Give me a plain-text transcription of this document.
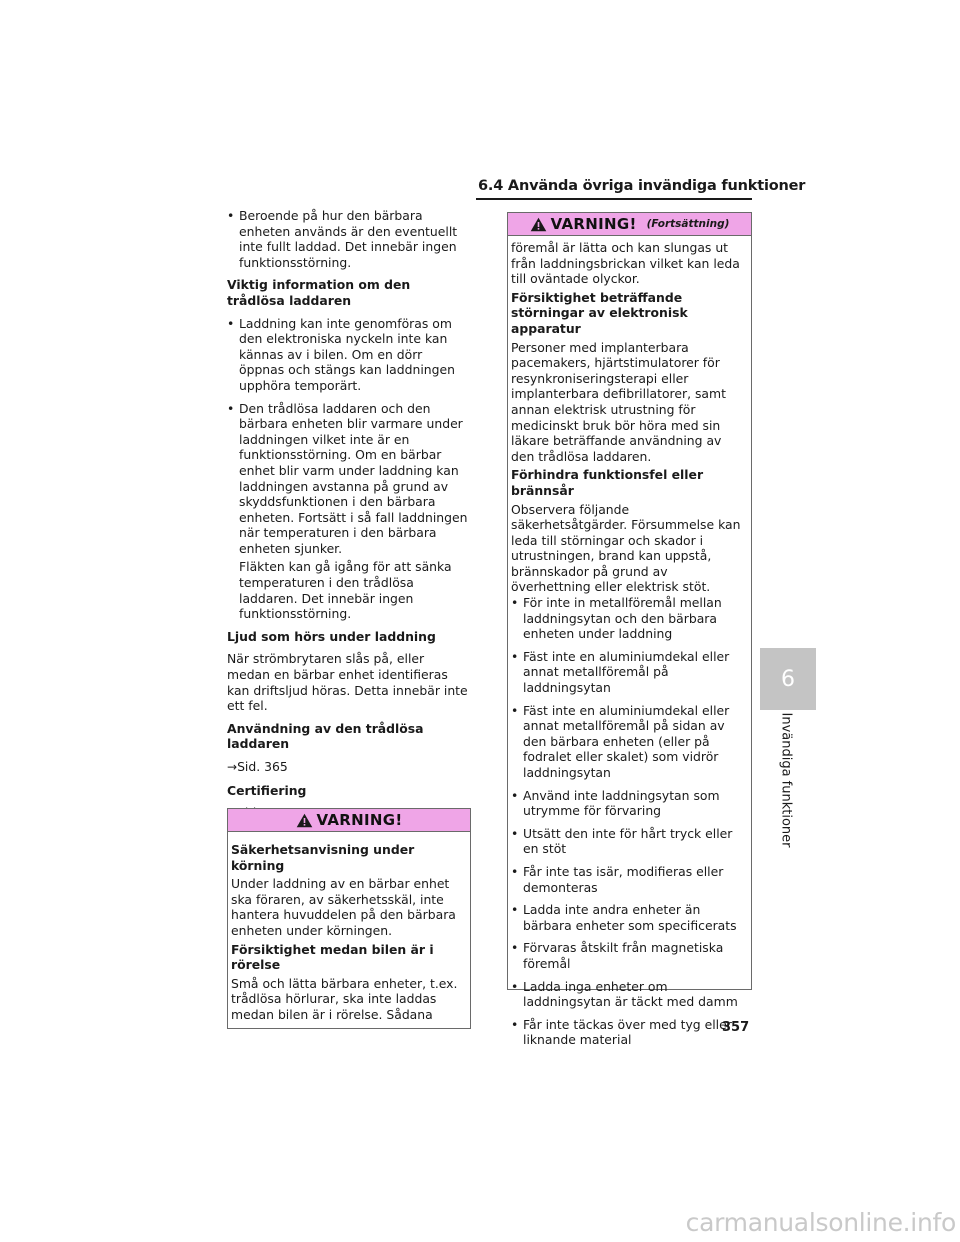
6.4 Använda övriga invändiga funktioner
• Beroende på hur den bärbara enheten används är den eventuellt inte fullt laddad. Det innebär ingen funktionsstörning.
Viktig information om den trådlösa laddaren
• Laddning kan inte genomföras om den elektroniska nyckeln inte kan kännas av i bilen. Om en dörr öppnas och stängs kan laddningen upphöra temporärt.
• Den trådlösa laddaren och den bärbara enheten blir varmare under laddningen vilket inte är en funktionsstörning. Om en bärbar enhet blir varm under laddning kan laddningen avstanna på grund av skyddsfunktionen i den bärbara enheten. Fortsätt i så fall laddningen när temperaturen i den bärbara enheten sjunker.
Fläkten kan gå igång för att sänka temperaturen i den trådlösa laddaren. Det innebär ingen funktionsstörning.
Ljud som hörs under laddning
När strömbrytaren slås på, eller medan en bärbar enhet identifieras kan driftsljud höras. Detta innebär inte ett fel.
Användning av den trådlösa laddaren
→Sid. 365
Certifiering
VARNING!
Säkerhetsanvisning under körning
Under laddning av en bärbar enhet ska föraren, av säkerhetsskäl, inte hantera huvuddelen på den bärbara enheten under körningen.
Försiktighet medan bilen är i rörelse
Små och lätta bärbara enheter, t.ex. trådlösa hörlurar, ska inte laddas medan bilen är i rörelse. Sådana
VARNING! (Fortsättning)
föremål är lätta och kan slungas ut från laddningsbrickan vilket kan leda till oväntade olyckor.
Försiktighet beträffande störningar av elektronisk apparatur
Personer med implanterbara pacemakers, hjärtstimulatorer för resynkroniseringsterapi eller implanterbara defibrillatorer, samt annan elektrisk utrustning för medicinskt bruk bör höra med sin läkare beträffande användning av den trådlösa laddaren.
Förhindra funktionsfel eller brännsår
Observera följande säkerhetsåtgärder. Försummelse kan leda till störningar och skador i utrustningen, brand kan uppstå, brännskador på grund av överhettning eller elektrisk stöt.
• För inte in metallföremål mellan laddningsytan och den bärbara enheten under laddning
• Fäst inte en aluminiumdekal eller annat metallföremål på laddningsytan
• Fäst inte en aluminiumdekal eller annat metallföremål på sidan av den bärbara enheten (eller på fodralet eller skalet) som vidrör laddningsytan
• Använd inte laddningsytan som utrymme för förvaring
• Utsätt den inte för hårt tryck eller en stöt
• Får inte tas isär, modifieras eller demonteras
• Ladda inte andra enheter än bärbara enheter som specificerats
• Förvaras åtskilt från magnetiska föremål
• Ladda inga enheter om laddningsytan är täckt med damm
• Får inte täckas över med tyg eller liknande material
6
Invändiga funktioner
357
carmanualsonline.info
